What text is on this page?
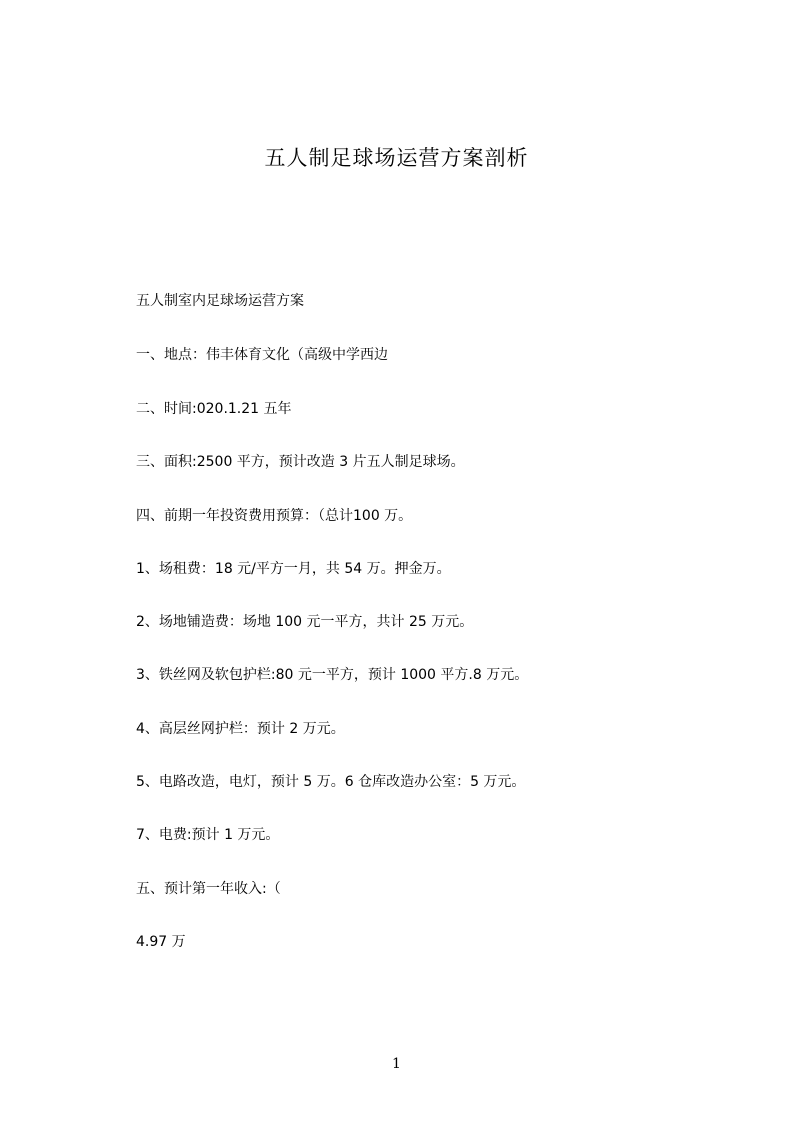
五人制足球场运营方案剖析

五人制室内足球场运营方案

一、地点：伟丰体育文化（高级中学西边

二、时间:020.1.21 五年

三、面积:2500 平方，预计改造 3 片五人制足球场。

四、前期一年投资费用预算：（总计100 万。

1、场租费：18 元/平方一月，共 54 万。押金万。

2、场地铺造费：场地 100 元一平方，共计 25 万元。

3、铁丝网及软包护栏:80 元一平方，预计 1000 平方.8 万元。

4、高层丝网护栏：预计 2 万元。

5、电路改造，电灯，预计 5 万。6 仓库改造办公室：5 万元。

7、电费:预计 1 万元。

五、预计第一年收入:（

4.97 万

1
